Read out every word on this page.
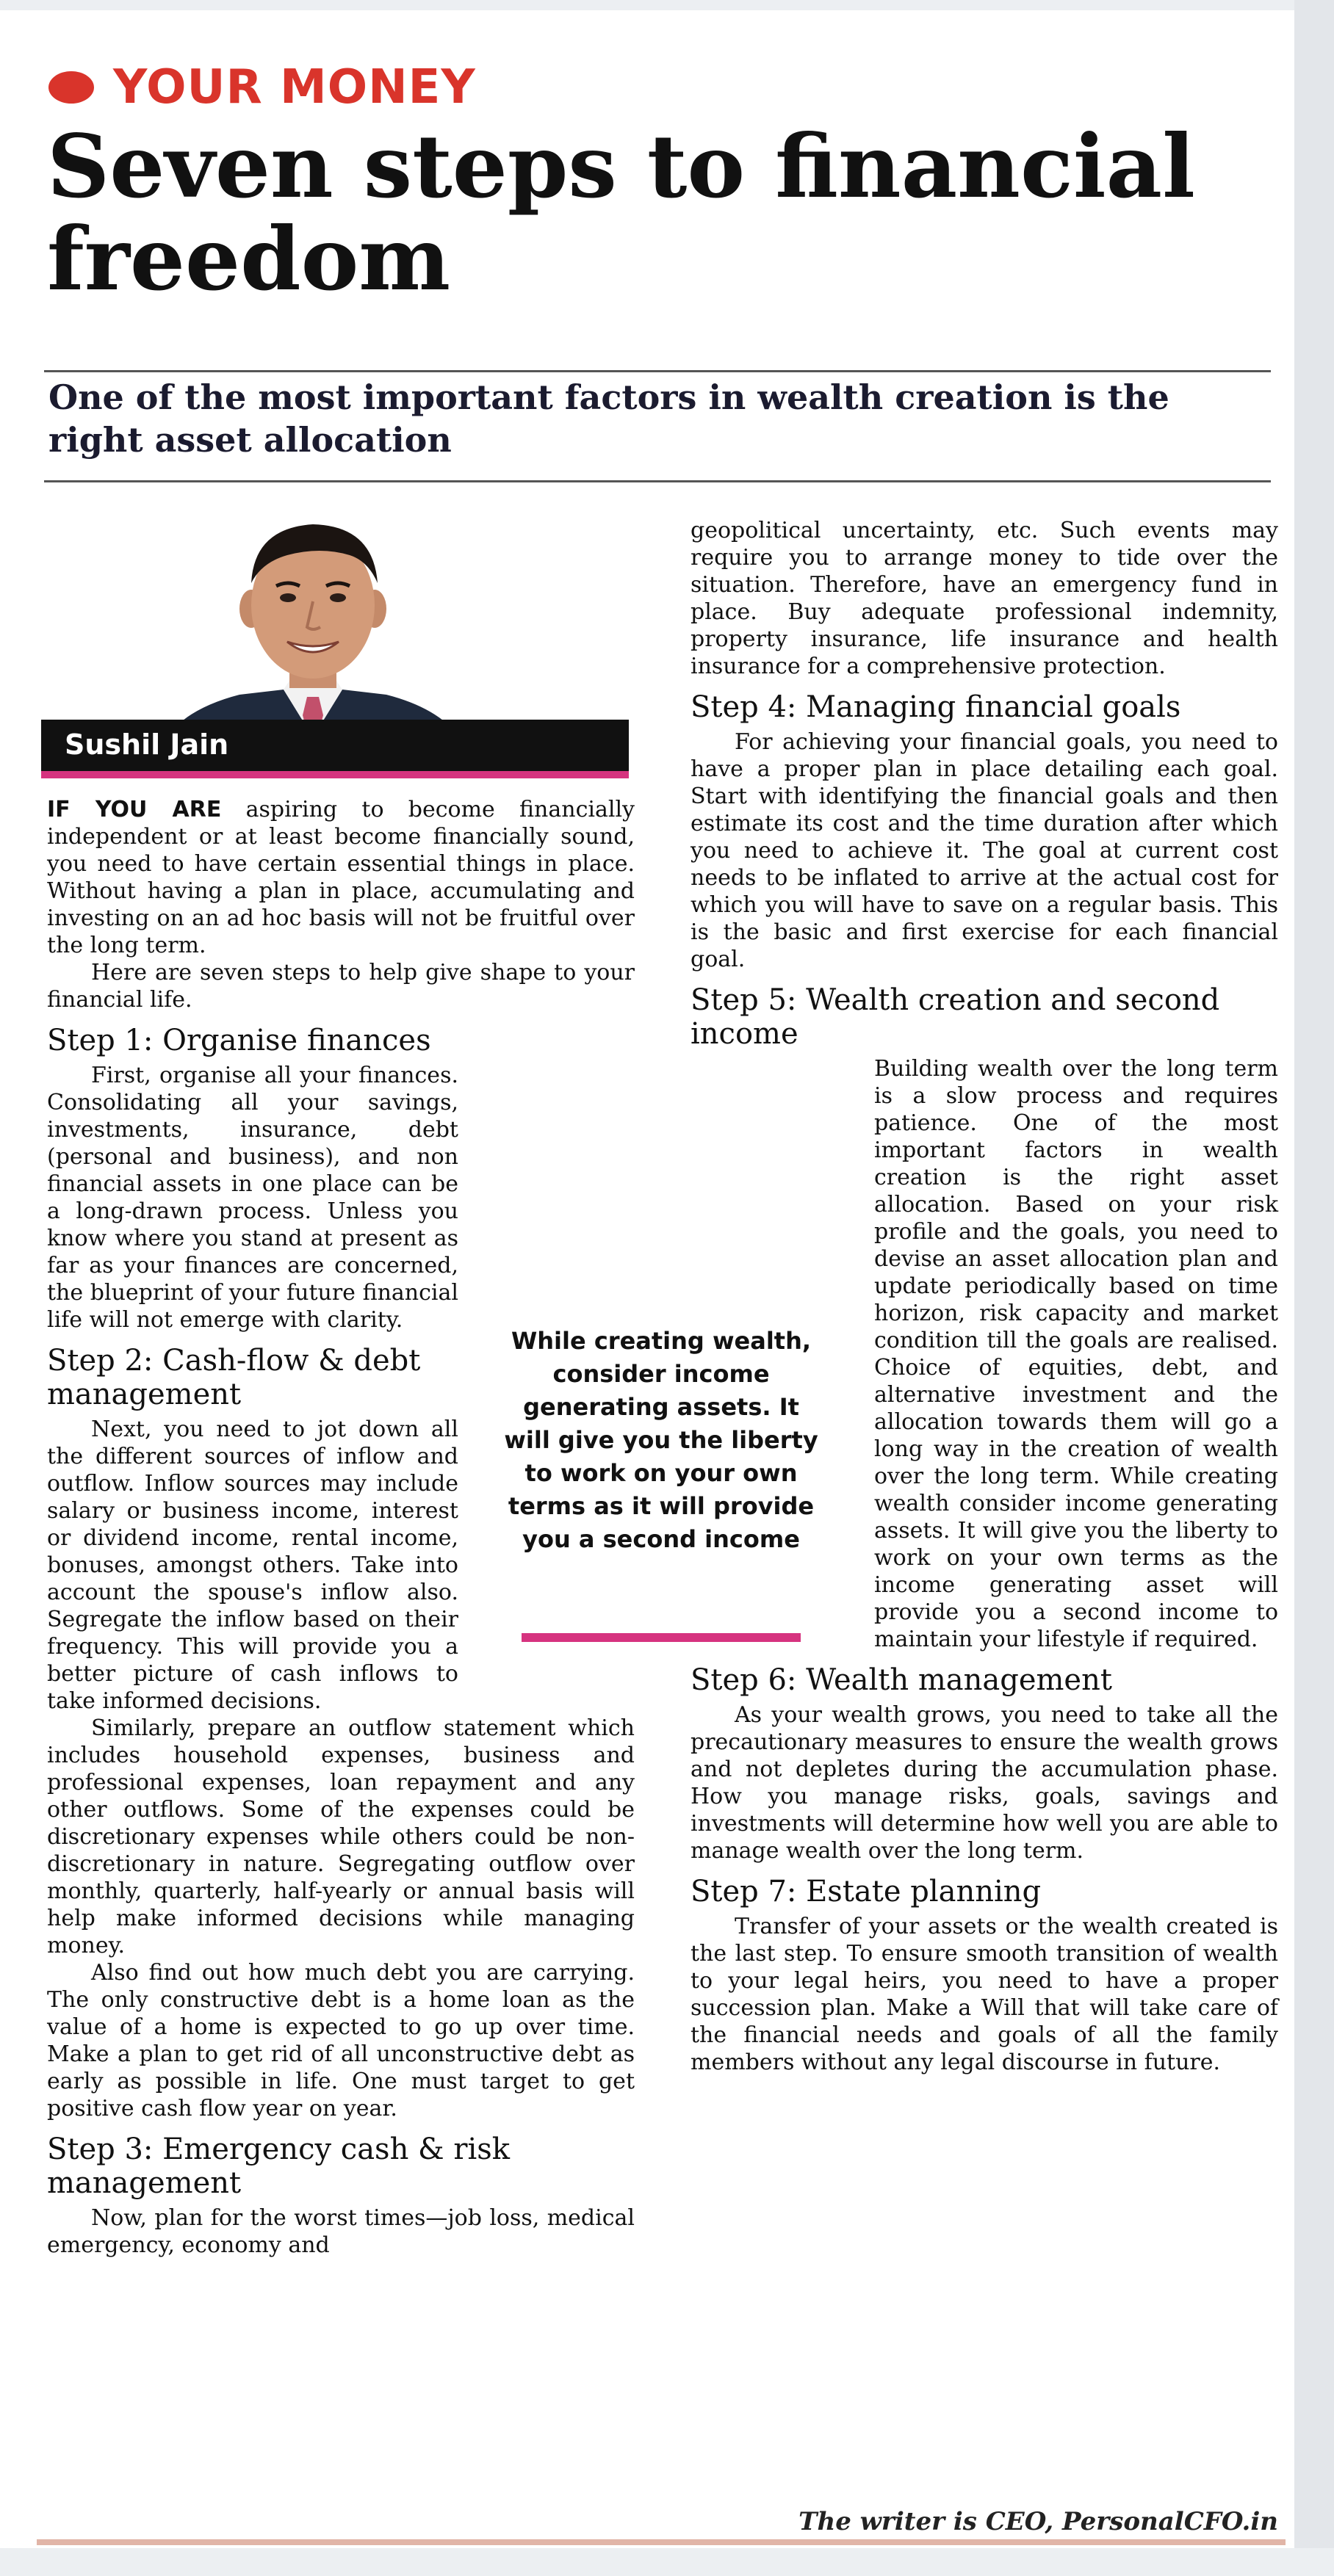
YOUR MONEY
Seven steps to financial freedom

One of the most important factors in wealth creation is the right asset allocation

Sushil Jain

IF YOU ARE aspiring to become financially independent or at least become financially sound, you need to have certain essential things in place. Without having a plan in place, accumulating and investing on an ad hoc basis will not be fruitful over the long term.

Here are seven steps to help give shape to your financial life.

Step 1: Organise finances

First, organise all your finances. Consolidating all your savings, investments, insurance, debt (personal and business), and non financial assets in one place can be a long-drawn process. Unless you know where you stand at present as far as your finances are concerned, the blueprint of your future financial life will not emerge with clarity.

Step 2: Cash-flow & debt management

Next, you need to jot down all the different sources of inflow and outflow. Inflow sources may include salary or business income, interest or dividend income, rental income, bonuses, amongst others. Take into account the spouse's inflow also. Segregate the inflow based on their frequency. This will provide you a better picture of cash inflows to take informed decisions.

Similarly, prepare an outflow statement which includes household expenses, business and professional expenses, loan repayment and any other outflows. Some of the expenses could be discretionary expenses while others could be non-discretionary in nature. Segregating outflow over monthly, quarterly, half-yearly or annual basis will help make informed decisions while managing money.

Also find out how much debt you are carrying. The only constructive debt is a home loan as the value of a home is expected to go up over time. Make a plan to get rid of all unconstructive debt as early as possible in life. One must target to get positive cash flow year on year.

Step 3: Emergency cash & risk management

Now, plan for the worst times—job loss, medical emergency, economy and

geopolitical uncertainty, etc. Such events may require you to arrange money to tide over the situation. Therefore, have an emergency fund in place. Buy adequate professional indemnity, property insurance, life insurance and health insurance for a comprehensive protection.

Step 4: Managing financial goals

For achieving your financial goals, you need to have a proper plan in place detailing each goal. Start with identifying the financial goals and then estimate its cost and the time duration after which you need to achieve it. The goal at current cost needs to be inflated to arrive at the actual cost for which you will have to save on a regular basis. This is the basic and first exercise for each financial goal.

Step 5: Wealth creation and second income

Building wealth over the long term is a slow process and requires patience. One of the most important factors in wealth creation is the right asset allocation. Based on your risk profile and the goals, you need to devise an asset allocation plan and update periodically based on time horizon, risk capacity and market condition till the goals are realised. Choice of equities, debt, and alternative investment and the allocation towards them will go a long way in the creation of wealth over the long term. While creating wealth consider income generating assets. It will give you the liberty to work on your own terms as the income generating asset will provide you a second income to maintain your lifestyle if required.

Step 6: Wealth management

As your wealth grows, you need to take all the precautionary measures to ensure the wealth grows and not depletes during the accumulation phase. How you manage risks, goals, savings and investments will determine how well you are able to manage wealth over the long term.

Step 7: Estate planning

Transfer of your assets or the wealth created is the last step. To ensure smooth transition of wealth to your legal heirs, you need to have a proper succession plan. Make a Will that will take care of the financial needs and goals of all the family members without any legal discourse in future.

While creating wealth, consider income generating assets. It will give you the liberty to work on your own terms as it will provide you a second income
The writer is CEO, PersonalCFO.in
